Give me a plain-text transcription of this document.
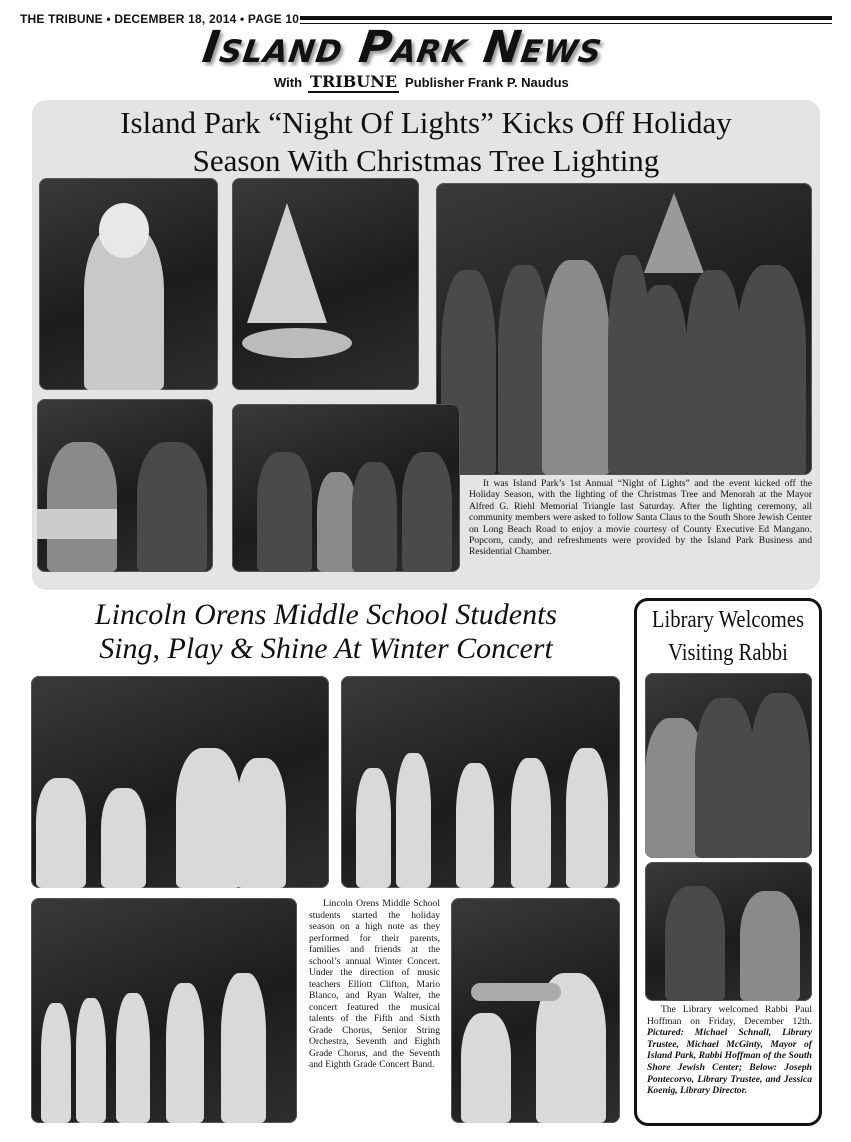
THE TRIBUNE • DECEMBER 18, 2014 • PAGE 10
Island Park News
With TRIBUNE Publisher Frank P. Naudus
Island Park “Night Of Lights” Kicks Off Holiday
Season With Christmas Tree Lighting
It was Island Park’s 1st Annual “Night of Lights” and the event kicked off the Holiday Season, with the lighting of the Christmas Tree and Menorah at the Mayor Alfred G. Riehl Memorial Triangle last Saturday. After the lighting ceremony, all community members were asked to follow Santa Claus to the South Shore Jewish Center on Long Beach Road to enjoy a movie courtesy of County Executive Ed Mangano. Popcorn, candy, and refreshments were provided by the Island Park Business and Residential Chamber.
Lincoln Orens Middle School Students
Sing, Play & Shine At Winter Concert
Lincoln Orens Middle School students started the holiday season on a high note as they performed for their parents, families and friends at the school’s annual Winter Concert. Under the direction of music teachers Elliott Clifton, Mario Blanco, and Ryan Walter, the concert featured the musical talents of the Fifth and Sixth Grade Chorus, Senior String Orchestra, Seventh and Eighth Grade Chorus, and the Seventh and Eighth Grade Concert Band.
Library Welcomes
Visiting Rabbi
The Library welcomed Rabbi Paul Hoffman on Friday, December 12th. Pictured: Michael Schnall, Library Trustee, Michael McGinty, Mayor of Island Park, Rabbi Hoffman of the South Shore Jewish Center; Below: Joseph Pontecorvo, Library Trustee, and Jessica Koenig, Library Director.
